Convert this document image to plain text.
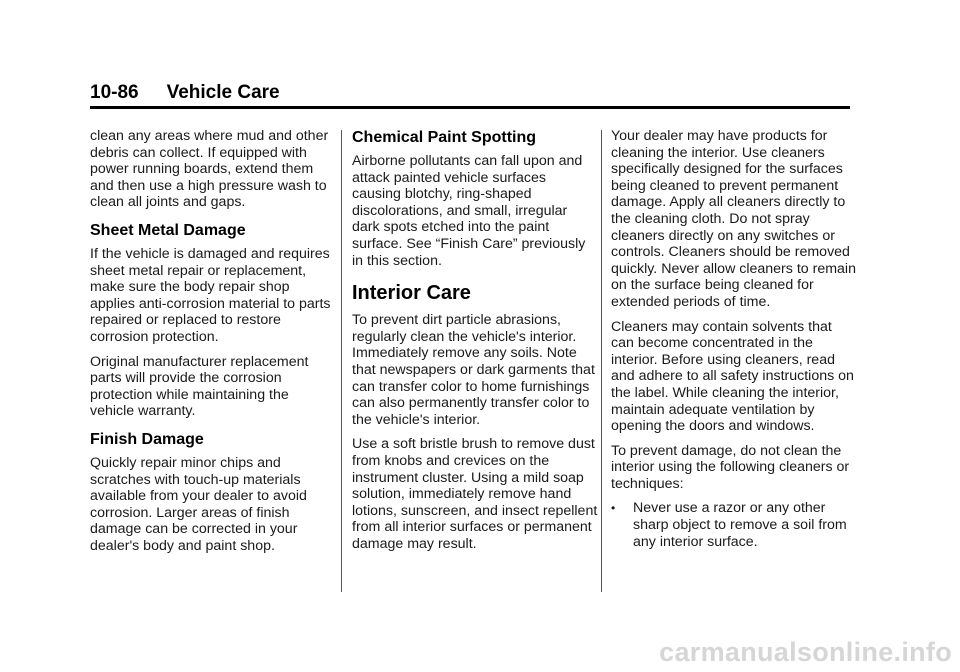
10-86 Vehicle Care

clean any areas where mud and other debris can collect. If equipped with power running boards, extend them and then use a high pressure wash to clean all joints and gaps.

Sheet Metal Damage

If the vehicle is damaged and requires sheet metal repair or replacement, make sure the body repair shop applies anti-corrosion material to parts repaired or replaced to restore corrosion protection.

Original manufacturer replacement parts will provide the corrosion protection while maintaining the vehicle warranty.

Finish Damage

Quickly repair minor chips and scratches with touch-up materials available from your dealer to avoid corrosion. Larger areas of finish damage can be corrected in your dealer's body and paint shop.

Chemical Paint Spotting

Airborne pollutants can fall upon and attack painted vehicle surfaces causing blotchy, ring-shaped discolorations, and small, irregular dark spots etched into the paint surface. See “Finish Care” previously in this section.

Interior Care

To prevent dirt particle abrasions, regularly clean the vehicle's interior. Immediately remove any soils. Note that newspapers or dark garments that can transfer color to home furnishings can also permanently transfer color to the vehicle's interior.

Use a soft bristle brush to remove dust from knobs and crevices on the instrument cluster. Using a mild soap solution, immediately remove hand lotions, sunscreen, and insect repellent from all interior surfaces or permanent damage may result.

Your dealer may have products for cleaning the interior. Use cleaners specifically designed for the surfaces being cleaned to prevent permanent damage. Apply all cleaners directly to the cleaning cloth. Do not spray cleaners directly on any switches or controls. Cleaners should be removed quickly. Never allow cleaners to remain on the surface being cleaned for extended periods of time.

Cleaners may contain solvents that can become concentrated in the interior. Before using cleaners, read and adhere to all safety instructions on the label. While cleaning the interior, maintain adequate ventilation by opening the doors and windows.

To prevent damage, do not clean the interior using the following cleaners or techniques:

•	Never use a razor or any other sharp object to remove a soil from any interior surface.
carmanualsonline.info
